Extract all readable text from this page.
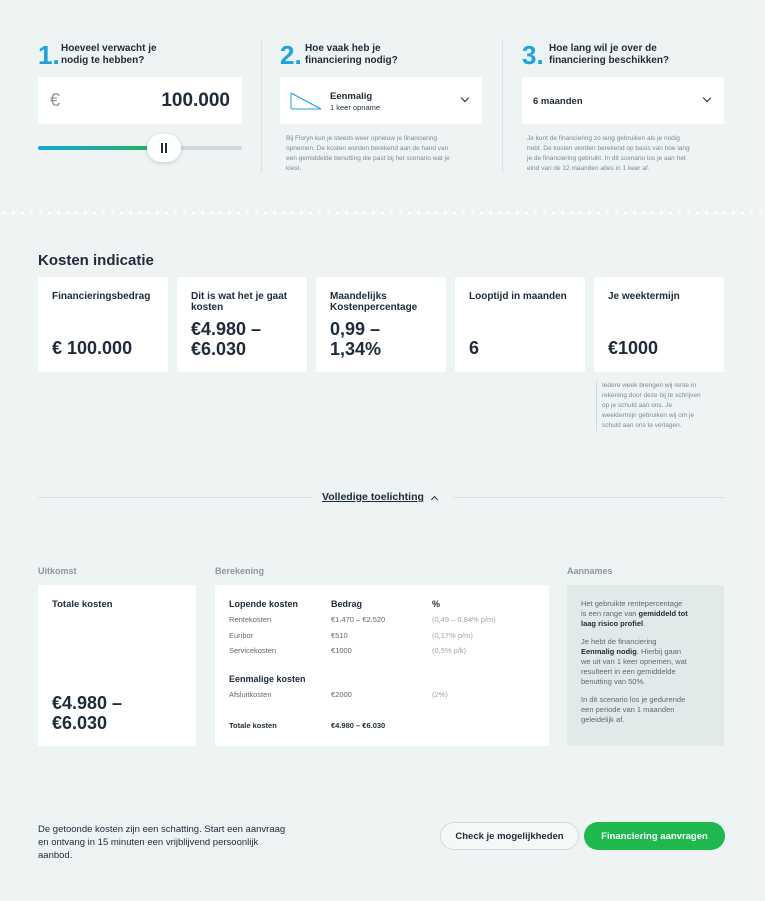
1. Hoeveel verwacht je
nodig te hebben?
€	100.000
2. Hoe vaak heb je
financiering nodig?
Eenmalig
1 keer opname
Bij Floryn kun je steeds weer opnieuw je financiering
opnemen. De kosten worden berekend aan de hand van
een gemiddelde benutting die past bij het scenario wat je
kiest.
3. Hoe lang wil je over de
financiering beschikken?
6 maanden
Je kunt de financiering zo lang gebruiken als je nodig
hebt. De kosten worden berekend op basis van hoe lang
je de financiering gebruikt. In dit scenario los je aan het
eind van de 12 maanden alles in 1 keer af.
Kosten indicatie
Financieringsbedrag
€ 100.000
Dit is wat het je gaat
kosten
€4.980 –
€6.030
Maandelijks
Kostenpercentage
0,99 –
1,34%
Looptijd in maanden
6
Je weektermijn
€1000
Iedere week brengen wij rente in
rekening door deze bij te schrijven
op je schuld aan ons. Je
weektermijn gebruiken wij om je
schuld aan ons te verlagen.
Volledige toelichting
Uitkomst	Berekening	Aannames
Totale kosten
€4.980 –
€6.030
Lopende kosten	Bedrag	%
Rentekosten	€1.470 – €2.520	(0,49 – 0,84% p/m)
Euribor	€510	(0,17% p/m)
Servicekosten	€1000	(0,5% p/k)
Eenmalige kosten
Afsluitkosten	€2000	(2%)
Totale kosten	€4.980 – €6.030
Het gebruikte rentepercentage
is een range van gemiddeld tot
laag risico profiel.
Je hebt de financiering
Eenmalig nodig. Hierbij gaan
we uit van 1 keer opnemen, wat
resulteert in een gemiddelde
benutting van 50%.
In dit scenario los je gedurende
een periode van 1 maanden
geleidelijk af.
De getoonde kosten zijn een schatting. Start een aanvraag
en ontvang in 15 minuten een vrijblijvend persoonlijk
aanbod.
Check je mogelijkheden	Financiering aanvragen
